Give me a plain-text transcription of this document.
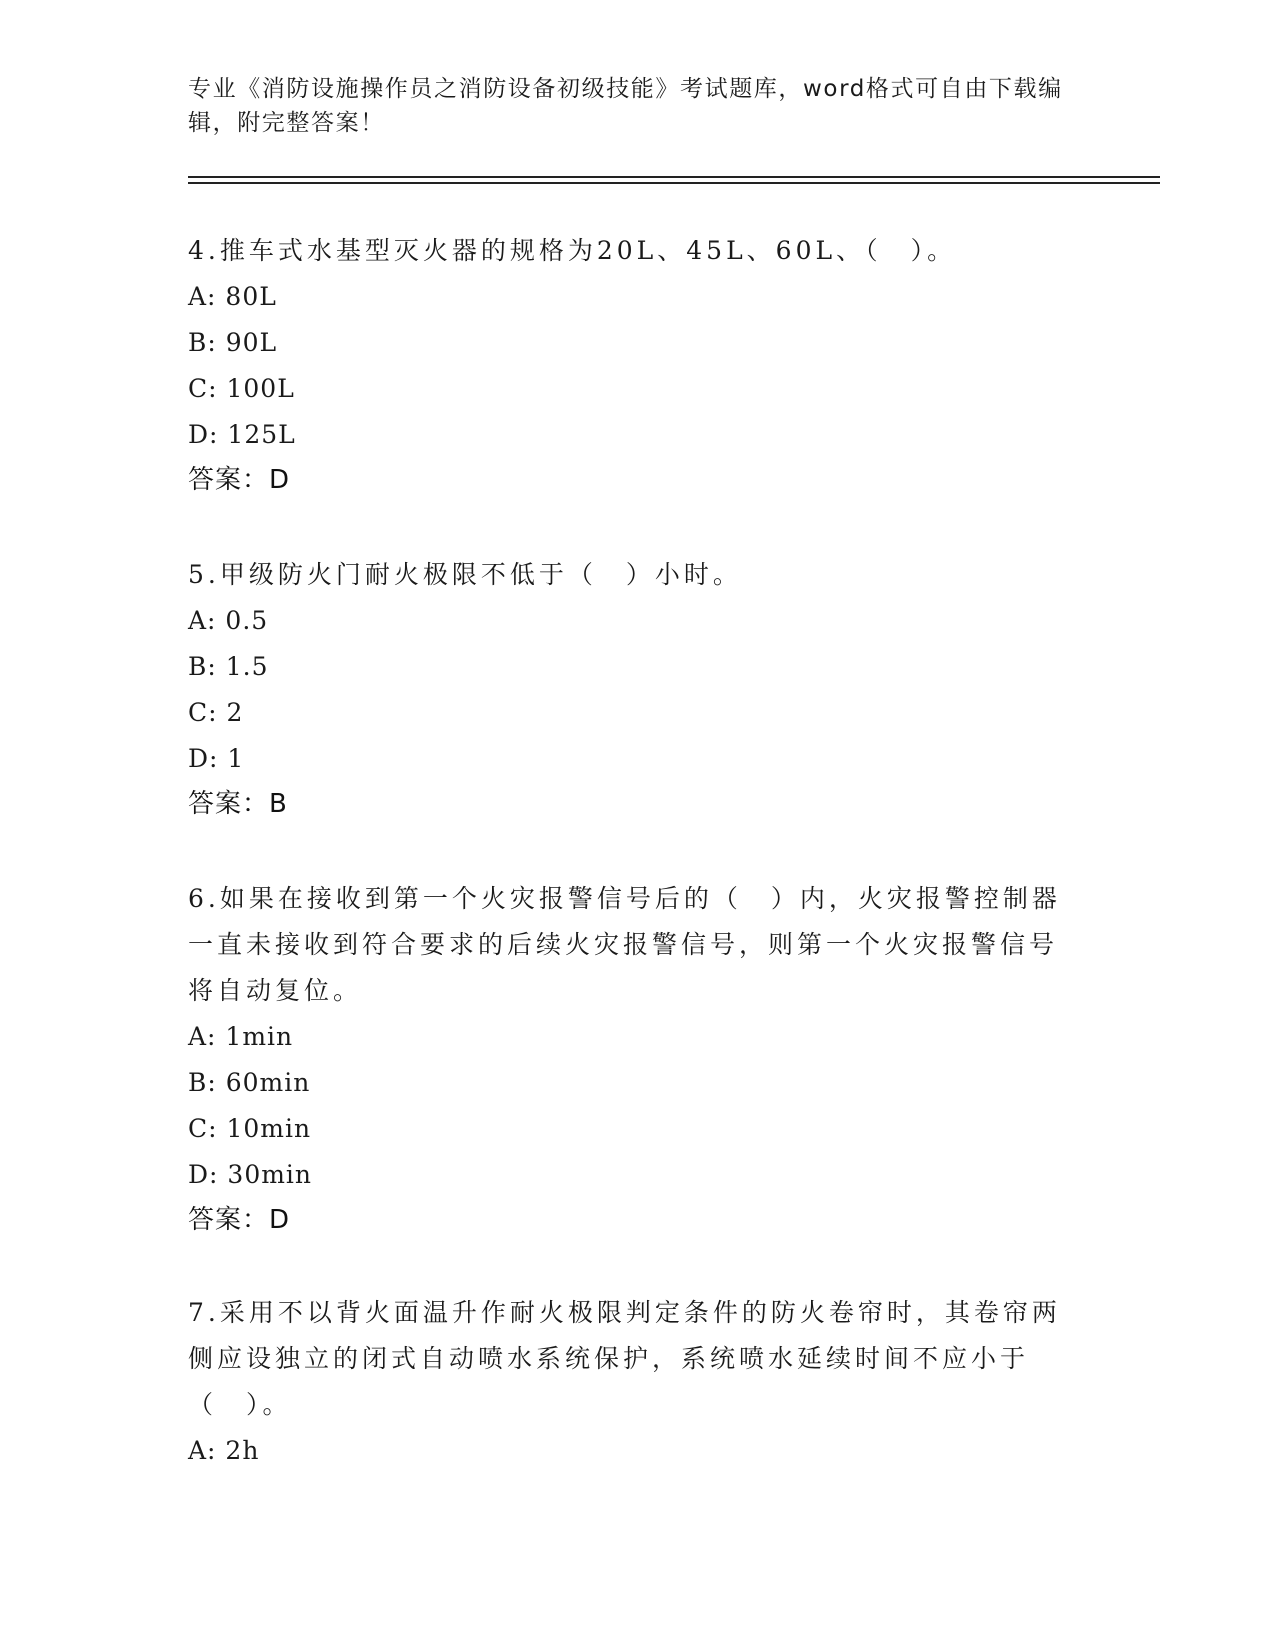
专业《消防设施操作员之消防设备初级技能》考试题库，word格式可自由下载编辑，附完整答案！

4.推车式水基型灭火器的规格为20L、45L、60L、（　）。

A: 80L

B: 90L

C: 100L

D: 125L

答案：D

5.甲级防火门耐火极限不低于（　）小时。

A: 0.5

B: 1.5

C: 2

D: 1

答案：B

6.如果在接收到第一个火灾报警信号后的（　）内，火灾报警控制器一直未接收到符合要求的后续火灾报警信号，则第一个火灾报警信号将自动复位。

A: 1min

B: 60min

C: 10min

D: 30min

答案：D

7.采用不以背火面温升作耐火极限判定条件的防火卷帘时，其卷帘两侧应设独立的闭式自动喷水系统保护，系统喷水延续时间不应小于（　）。

A: 2h
